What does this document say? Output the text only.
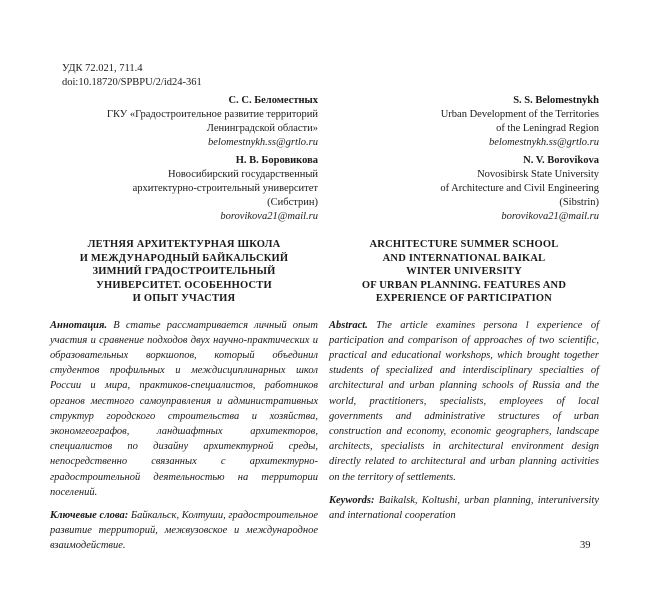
УДК 72.021, 711.4
doi:10.18720/SPBPU/2/id24-361
С. С. Беломестных
ГКУ «Градостроительное развитие территорий
Ленинградской области»
belomestnykh.ss@grtlo.ru
Н. В. Боровикова
Новосибирский государственный
архитектурно-строительный университет
(Сибстрин)
borovikova21@mail.ru
ЛЕТНЯЯ АРХИТЕКТУРНАЯ ШКОЛА
И МЕЖДУНАРОДНЫЙ БАЙКАЛЬСКИЙ
ЗИМНИЙ ГРАДОСТРОИТЕЛЬНЫЙ
УНИВЕРСИТЕТ. ОСОБЕННОСТИ
И ОПЫТ УЧАСТИЯ
Аннотация. В статье рассматривается личный опыт участия и сравнение подходов двух научно-практических и образовательных воркшопов, который объединил студентов профильных и междисциплинарных школ России и мира, практиков-специалистов, работников органов местного самоуправления и административных структур городского строительства и хозяйства, экономгеографов, ландшафтных архитекторов, специалистов по дизайну архитектурной среды, непосредственно связанных с архитектурно-градостроительной деятельностью на территории поселений.
Ключевые слова: Байкальск, Колтуши, градостроительное развитие территорий, межвузовское и международное взаимодействие.
S. S. Belomestnykh
Urban Development of the Territories
of the Leningrad Region
belomestnykh.ss@grtlo.ru
N. V. Borovikova
Novosibirsk State University
of Architecture and Civil Engineering
(Sibstrin)
borovikova21@mail.ru
ARCHITECTURE SUMMER SCHOOL
AND INTERNATIONAL BAIKAL
WINTER UNIVERSITY
OF URBAN PLANNING. FEATURES AND
EXPERIENCE OF PARTICIPATION
Abstract. The article examines persona l experience of participation and comparison of approaches of two scientific, practical and educational workshops, which brought together students of specialized and interdisciplinary specialties of architectural and urban planning schools of Russia and the world, practitioners, specialists, employees of local governments and administrative structures of urban construction and economy, economic geographers, landscape architects, specialists in architectural environment design directly related to architectural and urban planning activities on the territory of settlements.
Keywords: Baikalsk, Koltushi, urban planning, interuniversity and international cooperation
39
